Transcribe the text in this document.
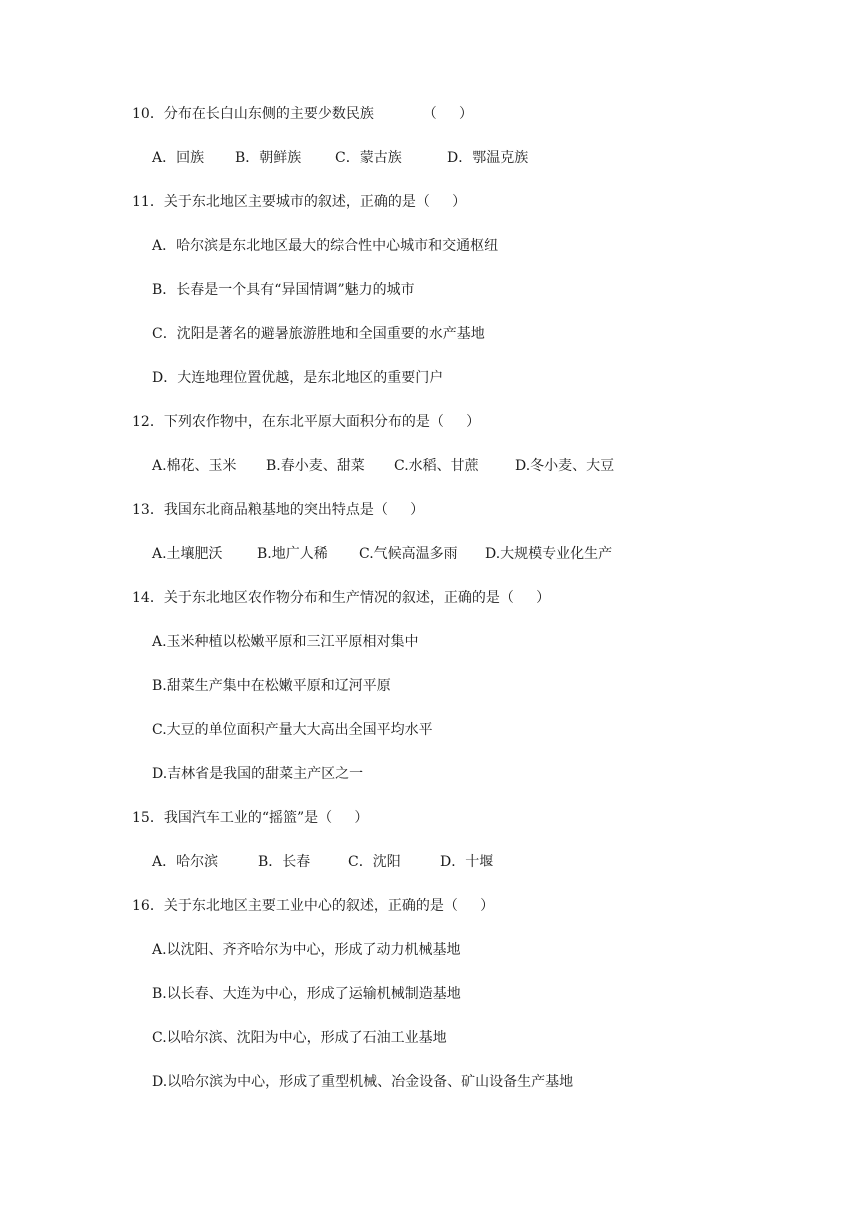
10．分布在长白山东侧的主要少数民族           （     ）

A．回族

B．朝鲜族

C．蒙古族

	D．鄂温克族

11．关于东北地区主要城市的叙述，正确的是（     ）
A．哈尔滨是东北地区最大的综合性中心城市和交通枢纽
B．长春是一个具有“异国情调”魅力的城市
C．沈阳是著名的避暑旅游胜地和全国重要的水产基地
D．大连地理位置优越，是东北地区的重要门户
12．下列农作物中，在东北平原大面积分布的是（     ）

A.棉花、玉米

B.春小麦、甜菜

C.水稻、甘蔗

	D.冬小麦、大豆

13．我国东北商品粮基地的突出特点是（     ）

A.土壤肥沃

B.地广人稀

C.气候高温多雨

D.大规模专业化生产

14．关于东北地区农作物分布和生产情况的叙述，正确的是（     ）
A.玉米种植以松嫩平原和三江平原相对集中
B.甜菜生产集中在松嫩平原和辽河平原
C.大豆的单位面积产量大大高出全国平均水平
D.吉林省是我国的甜菜主产区之一
15．我国汽车工业的“摇篮”是（     ）

A．哈尔滨

	B．长春

	C．沈阳

	D．十堰

16．关于东北地区主要工业中心的叙述，正确的是（     ）
A.以沈阳、齐齐哈尔为中心，形成了动力机械基地
B.以长春、大连为中心，形成了运输机械制造基地
C.以哈尔滨、沈阳为中心，形成了石油工业基地
D.以哈尔滨为中心，形成了重型机械、冶金设备、矿山设备生产基地
